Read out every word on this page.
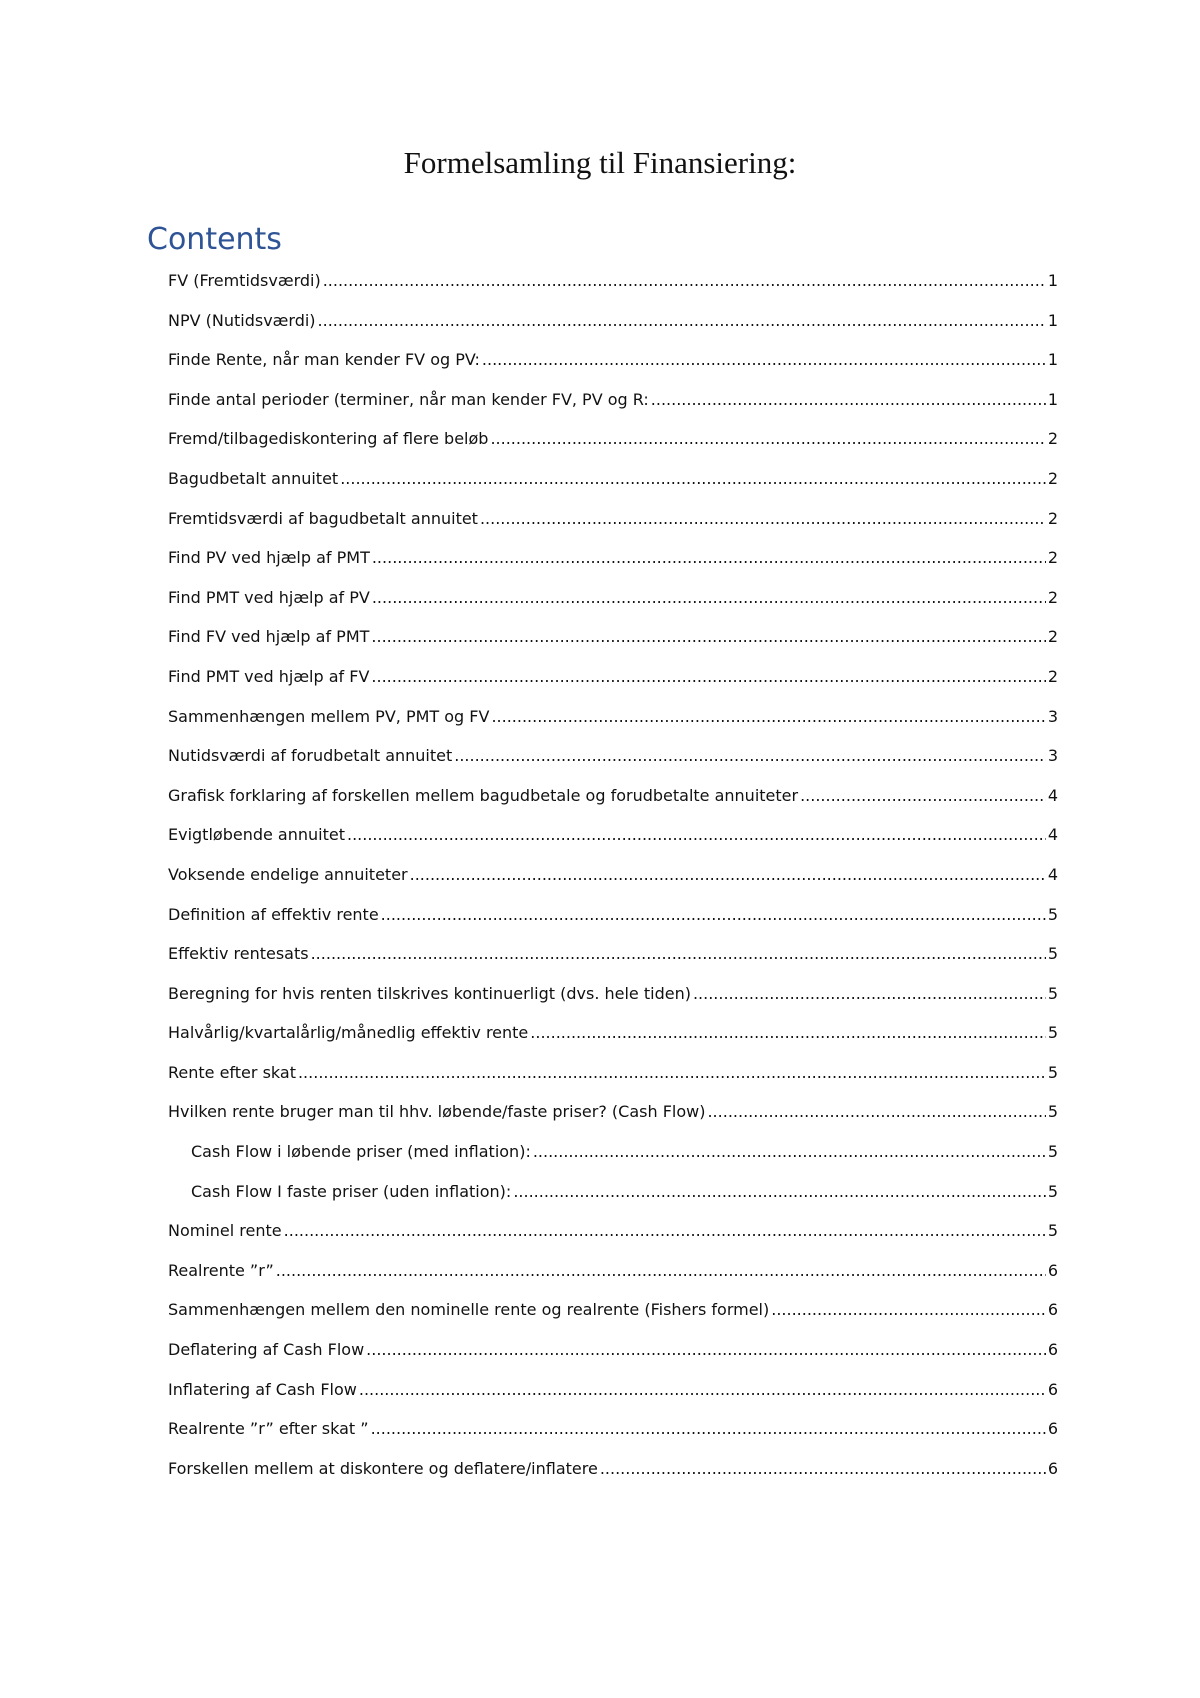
Formelsamling til Finansiering:
Contents
FV (Fremtidsværdi) .....	1
NPV (Nutidsværdi) .....	1
Finde Rente, når man kender FV og PV: .....	1
Finde antal perioder (terminer, når man kender FV, PV og R: .....	1
Fremd/tilbagediskontering af flere beløb .....	2
Bagudbetalt annuitet .....	2
Fremtidsværdi af bagudbetalt annuitet .....	2
Find PV ved hjælp af PMT .....	2
Find PMT ved hjælp af PV .....	2
Find FV ved hjælp af PMT .....	2
Find PMT ved hjælp af FV .....	2
Sammenhængen mellem PV, PMT og FV .....	3
Nutidsværdi af forudbetalt annuitet .....	3
Grafisk forklaring af forskellen mellem bagudbetale og forudbetalte annuiteter .....	4
Evigtløbende annuitet .....	4
Voksende endelige annuiteter .....	4
Definition af effektiv rente .....	5
Effektiv rentesats .....	5
Beregning for hvis renten tilskrives kontinuerligt (dvs. hele tiden) .....	5
Halvårlig/kvartalårlig/månedlig effektiv rente .....	5
Rente efter skat .....	5
Hvilken rente bruger man til hhv. løbende/faste priser? (Cash Flow) .....	5
Cash Flow i løbende priser (med inflation): .....	5
Cash Flow I faste priser (uden inflation): .....	5
Nominel rente .....	5
Realrente ”r” .....	6
Sammenhængen mellem den nominelle rente og realrente (Fishers formel) .....	6
Deflatering af Cash Flow .....	6
Inflatering af Cash Flow .....	6
Realrente ”r” efter skat ” .....	6
Forskellen mellem at diskontere og deflatere/inflatere .....	6
